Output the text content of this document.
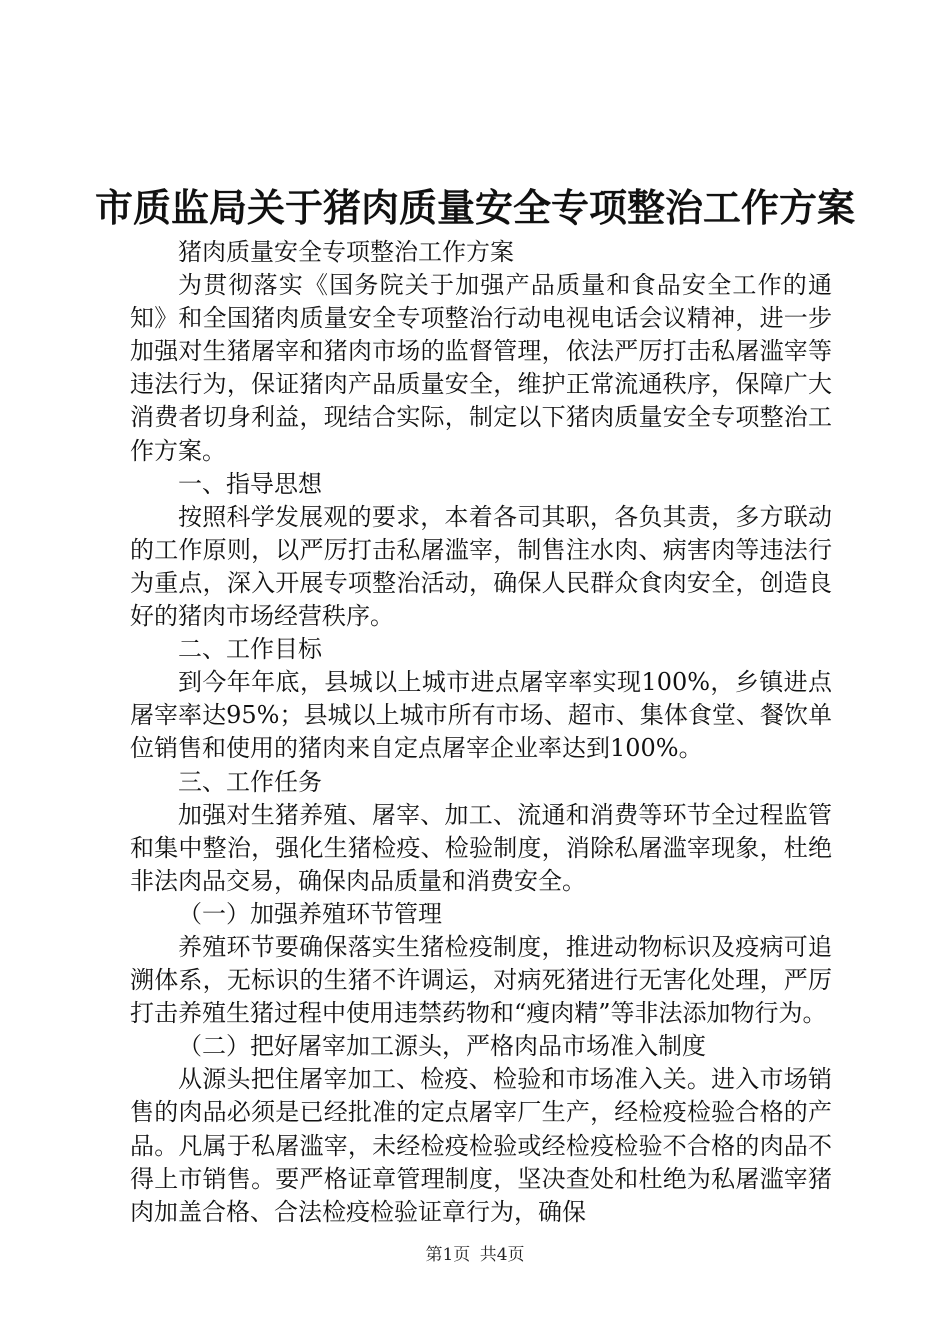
市质监局关于猪肉质量安全专项整治工作方案

猪肉质量安全专项整治工作方案

为贯彻落实《国务院关于加强产品质量和食品安全工作的通知》和全国猪肉质量安全专项整治行动电视电话会议精神，进一步加强对生猪屠宰和猪肉市场的监督管理，依法严厉打击私屠滥宰等违法行为，保证猪肉产品质量安全，维护正常流通秩序，保障广大消费者切身利益，现结合实际，制定以下猪肉质量安全专项整治工作方案。

一、指导思想

按照科学发展观的要求，本着各司其职，各负其责，多方联动的工作原则，以严厉打击私屠滥宰，制售注水肉、病害肉等违法行为重点，深入开展专项整治活动，确保人民群众食肉安全，创造良好的猪肉市场经营秩序。

二、工作目标

到今年年底，县城以上城市进点屠宰率实现100%，乡镇进点屠宰率达95%；县城以上城市所有市场、超市、集体食堂、餐饮单位销售和使用的猪肉来自定点屠宰企业率达到100%。

三、工作任务

加强对生猪养殖、屠宰、加工、流通和消费等环节全过程监管和集中整治，强化生猪检疫、检验制度，消除私屠滥宰现象，杜绝非法肉品交易，确保肉品质量和消费安全。

（一）加强养殖环节管理

养殖环节要确保落实生猪检疫制度，推进动物标识及疫病可追溯体系，无标识的生猪不许调运，对病死猪进行无害化处理，严厉打击养殖生猪过程中使用违禁药物和“瘦肉精”等非法添加物行为。

（二）把好屠宰加工源头，严格肉品市场准入制度

从源头把住屠宰加工、检疫、检验和市场准入关。进入市场销售的肉品必须是已经批准的定点屠宰厂生产，经检疫检验合格的产品。凡属于私屠滥宰，未经检疫检验或经检疫检验不合格的肉品不得上市销售。要严格证章管理制度，坚决查处和杜绝为私屠滥宰猪肉加盖合格、合法检疫检验证章行为，确保

第1页 共4页
